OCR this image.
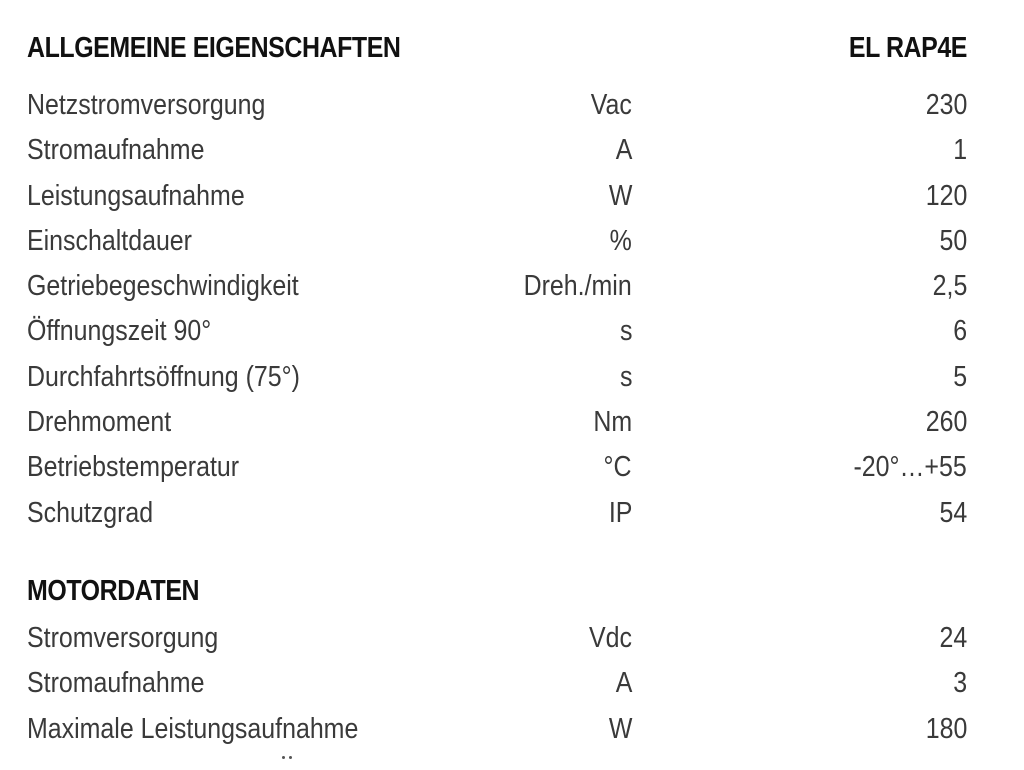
ALLGEMEINE EIGENSCHAFTEN	EL RAP4E
Netzstromversorgung	Vac	230
Stromaufnahme	A	1
Leistungsaufnahme	W	120
Einschaltdauer	%	50
Getriebegeschwindigkeit	Dreh./min	2,5
Öffnungszeit 90°	s	6
Durchfahrtsöffnung (75°)	s	5
Drehmoment	Nm	260
Betriebstemperatur	°C	-20°…+55
Schutzgrad	IP	54
MOTORDATEN
Stromversorgung	Vdc	24
Stromaufnahme	A	3
Maximale Leistungsaufnahme	W	180
